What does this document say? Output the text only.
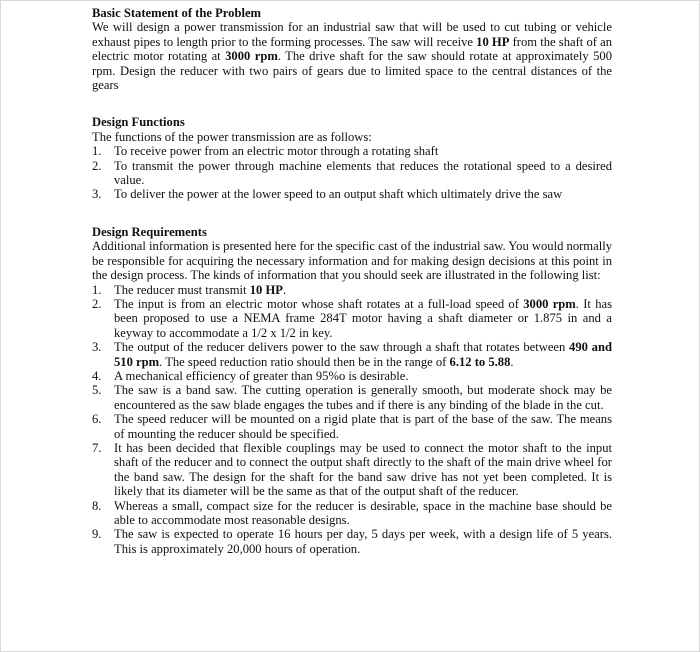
Basic Statement of the Problem

We will design a power transmission for an industrial saw that will be used to cut tubing or vehicle exhaust pipes to length prior to the forming processes. The saw will receive 10 HP from the shaft of an electric motor rotating at 3000 rpm. The drive shaft for the saw should rotate at approximately 500 rpm. Design the reducer with two pairs of gears due to limited space to the central distances of the gears

Design Functions

The functions of the power transmission are as follows:

1. To receive power from an electric motor through a rotating shaft
2. To transmit the power through machine elements that reduces the rotational speed to a desired value.
3. To deliver the power at the lower speed to an output shaft which ultimately drive the saw

Design Requirements

Additional information is presented here for the specific cast of the industrial saw. You would normally be responsible for acquiring the necessary information and for making design decisions at this point in the design process. The kinds of information that you should seek are illustrated in the following list:

1. The reducer must transmit 10 HP.
2. The input is from an electric motor whose shaft rotates at a full-load speed of 3000 rpm. It has been proposed to use a NEMA frame 284T motor having a shaft diameter or 1.875 in and a keyway to accommodate a 1/2 x 1/2 in key.
3. The output of the reducer delivers power to the saw through a shaft that rotates between 490 and 510 rpm. The speed reduction ratio should then be in the range of 6.12 to 5.88.
4. A mechanical efficiency of greater than 95%o is desirable.
5. The saw is a band saw. The cutting operation is generally smooth, but moderate shock may be encountered as the saw blade engages the tubes and if there is any binding of the blade in the cut.
6. The speed reducer will be mounted on a rigid plate that is part of the base of the saw. The means of mounting the reducer should be specified.
7. It has been decided that flexible couplings may be used to connect the motor shaft to the input shaft of the reducer and to connect the output shaft directly to the shaft of the main drive wheel for the band saw. The design for the shaft for the band saw drive has not yet been completed. It is likely that its diameter will be the same as that of the output shaft of the reducer.
8. Whereas a small, compact size for the reducer is desirable, space in the machine base should be able to accommodate most reasonable designs.
9. The saw is expected to operate 16 hours per day, 5 days per week, with a design life of 5 years. This is approximately 20,000 hours of operation.
